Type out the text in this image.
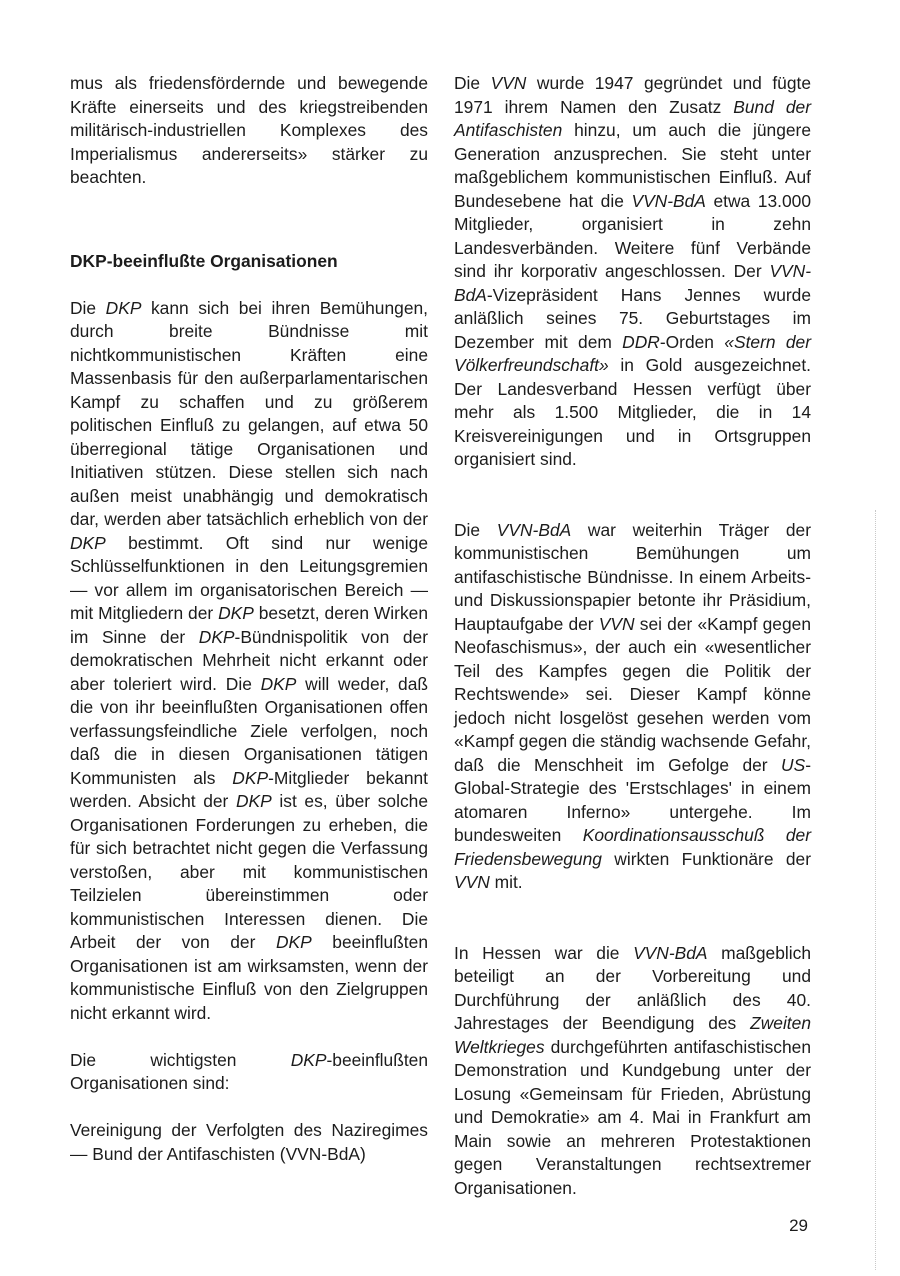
mus als friedensfördernde und bewegende Kräfte einerseits und des kriegstreibenden militärisch-industriellen Komplexes des Imperialismus andererseits» stärker zu beachten.

DKP-beeinflußte Organisationen

Die DKP kann sich bei ihren Bemühungen, durch breite Bündnisse mit nichtkommunistischen Kräften eine Massenbasis für den außerparlamentarischen Kampf zu schaffen und zu größerem politischen Einfluß zu gelangen, auf etwa 50 überregional tätige Organisationen und Initiativen stützen. Diese stellen sich nach außen meist unabhängig und demokratisch dar, werden aber tatsächlich erheblich von der DKP bestimmt. Oft sind nur wenige Schlüsselfunktionen in den Leitungsgremien — vor allem im organisatorischen Bereich — mit Mitgliedern der DKP besetzt, deren Wirken im Sinne der DKP-Bündnispolitik von der demokratischen Mehrheit nicht erkannt oder aber toleriert wird. Die DKP will weder, daß die von ihr beeinflußten Organisationen offen verfassungsfeindliche Ziele verfolgen, noch daß die in diesen Organisationen tätigen Kommunisten als DKP-Mitglieder bekannt werden. Absicht der DKP ist es, über solche Organisationen Forderungen zu erheben, die für sich betrachtet nicht gegen die Verfassung verstoßen, aber mit kommunistischen Teilzielen übereinstimmen oder kommunistischen Interessen dienen. Die Arbeit der von der DKP beeinflußten Organisationen ist am wirksamsten, wenn der kommunistische Einfluß von den Zielgruppen nicht erkannt wird.

Die wichtigsten DKP-beeinflußten Organisationen sind:

Vereinigung der Verfolgten des Naziregimes — Bund der Antifaschisten (VVN-BdA)

Die VVN wurde 1947 gegründet und fügte 1971 ihrem Namen den Zusatz Bund der Antifaschisten hinzu, um auch die jüngere Generation anzusprechen. Sie steht unter maßgeblichem kommunistischen Einfluß. Auf Bundesebene hat die VVN-BdA etwa 13.000 Mitglieder, organisiert in zehn Landesverbänden. Weitere fünf Verbände sind ihr korporativ angeschlossen. Der VVN-BdA-Vizepräsident Hans Jennes wurde anläßlich seines 75. Geburtstages im Dezember mit dem DDR-Orden «Stern der Völkerfreundschaft» in Gold ausgezeichnet. Der Landesverband Hessen verfügt über mehr als 1.500 Mitglieder, die in 14 Kreisvereinigungen und in Ortsgruppen organisiert sind.

Die VVN-BdA war weiterhin Träger der kommunistischen Bemühungen um antifaschistische Bündnisse. In einem Arbeits- und Diskussionspapier betonte ihr Präsidium, Hauptaufgabe der VVN sei der «Kampf gegen Neofaschismus», der auch ein «wesentlicher Teil des Kampfes gegen die Politik der Rechtswende» sei. Dieser Kampf könne jedoch nicht losgelöst gesehen werden vom «Kampf gegen die ständig wachsende Gefahr, daß die Menschheit im Gefolge der US-Global-Strategie des 'Erstschlages' in einem atomaren Inferno» untergehe. Im bundesweiten Koordinationsausschuß der Friedensbewegung wirkten Funktionäre der VVN mit.

In Hessen war die VVN-BdA maßgeblich beteiligt an der Vorbereitung und Durchführung der anläßlich des 40. Jahrestages der Beendigung des Zweiten Weltkrieges durchgeführten antifaschistischen Demonstration und Kundgebung unter der Losung «Gemeinsam für Frieden, Abrüstung und Demokratie» am 4. Mai in Frankfurt am Main sowie an mehreren Protestaktionen gegen Veranstaltungen rechtsextremer Organisationen.

29
